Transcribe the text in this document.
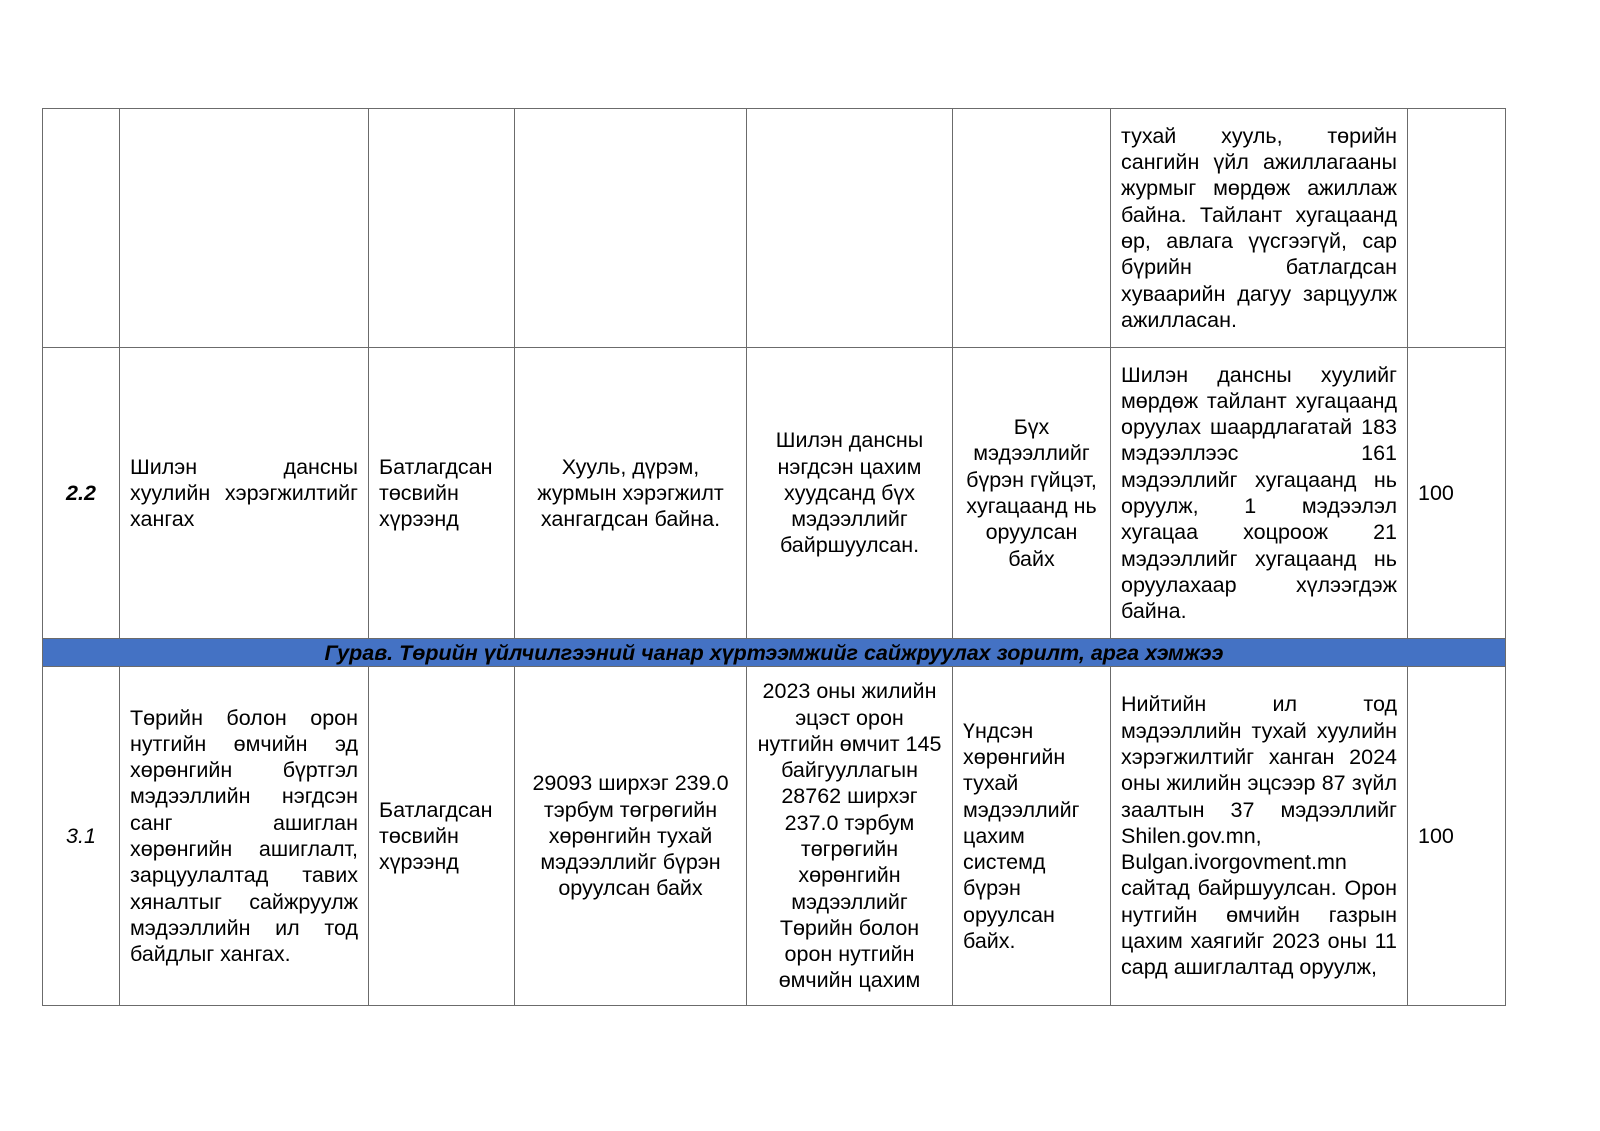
						тухай хууль, төрийн сангийн үйл ажиллагааны журмыг мөрдөж ажиллаж байна. Тайлант хугацаанд өр, авлага үүсгээгүй, сар бүрийн батлагдсан хуваарийн дагуу зарцуулж ажилласан.	
2.2	Шилэн дансны хуулийн хэрэгжилтийг хангах	Батлагдсан төсвийн хүрээнд	Хууль, дүрэм, журмын хэрэгжилт хангагдсан байна.	Шилэн дансны нэгдсэн цахим хуудсанд бүх мэдээллийг байршуулсан.	Бүх мэдээллийг бүрэн гүйцэт, хугацаанд нь оруулсан байх	Шилэн дансны хуулийг мөрдөж тайлант хугацаанд оруулах шаардлагатай 183 мэдээллээс 161 мэдээллийг хугацаанд нь оруулж, 1 мэдээлэл хугацаа хоцроож 21 мэдээллийг хугацаанд нь оруулахаар хүлээгдэж байна.	100
Гурав. Төрийн үйлчилгээний чанар хүртээмжийг сайжруулах зорилт, арга хэмжээ							
3.1	Төрийн болон орон нутгийн өмчийн эд хөрөнгийн бүртгэл мэдээллийн нэгдсэн санг ашиглан хөрөнгийн ашиглалт, зарцуулалтад тавих хяналтыг сайжруулж мэдээллийн ил тод байдлыг хангах.	Батлагдсан төсвийн хүрээнд	29093 ширхэг 239.0 тэрбум төгрөгийн хөрөнгийн тухай мэдээллийг бүрэн оруулсан байх	2023 оны жилийн эцэст орон нутгийн өмчит 145 байгууллагын 28762 ширхэг 237.0 тэрбум төгрөгийн хөрөнгийн мэдээллийг Төрийн болон орон нутгийн өмчийн цахим	Үндсэн хөрөнгийн тухай мэдээллийг цахим системд бүрэн оруулсан байх.	Нийтийн ил тод мэдээллийн тухай хуулийн хэрэгжилтийг ханган 2024 оны жилийн эцсээр 87 зүйл заалтын 37 мэдээллийг Shilen.gov.mn, Bulgan.ivorgovment.mn сайтад байршуулсан. Орон нутгийн өмчийн газрын цахим хаягийг 2023 оны 11 сард ашиглалтад оруулж,	100
